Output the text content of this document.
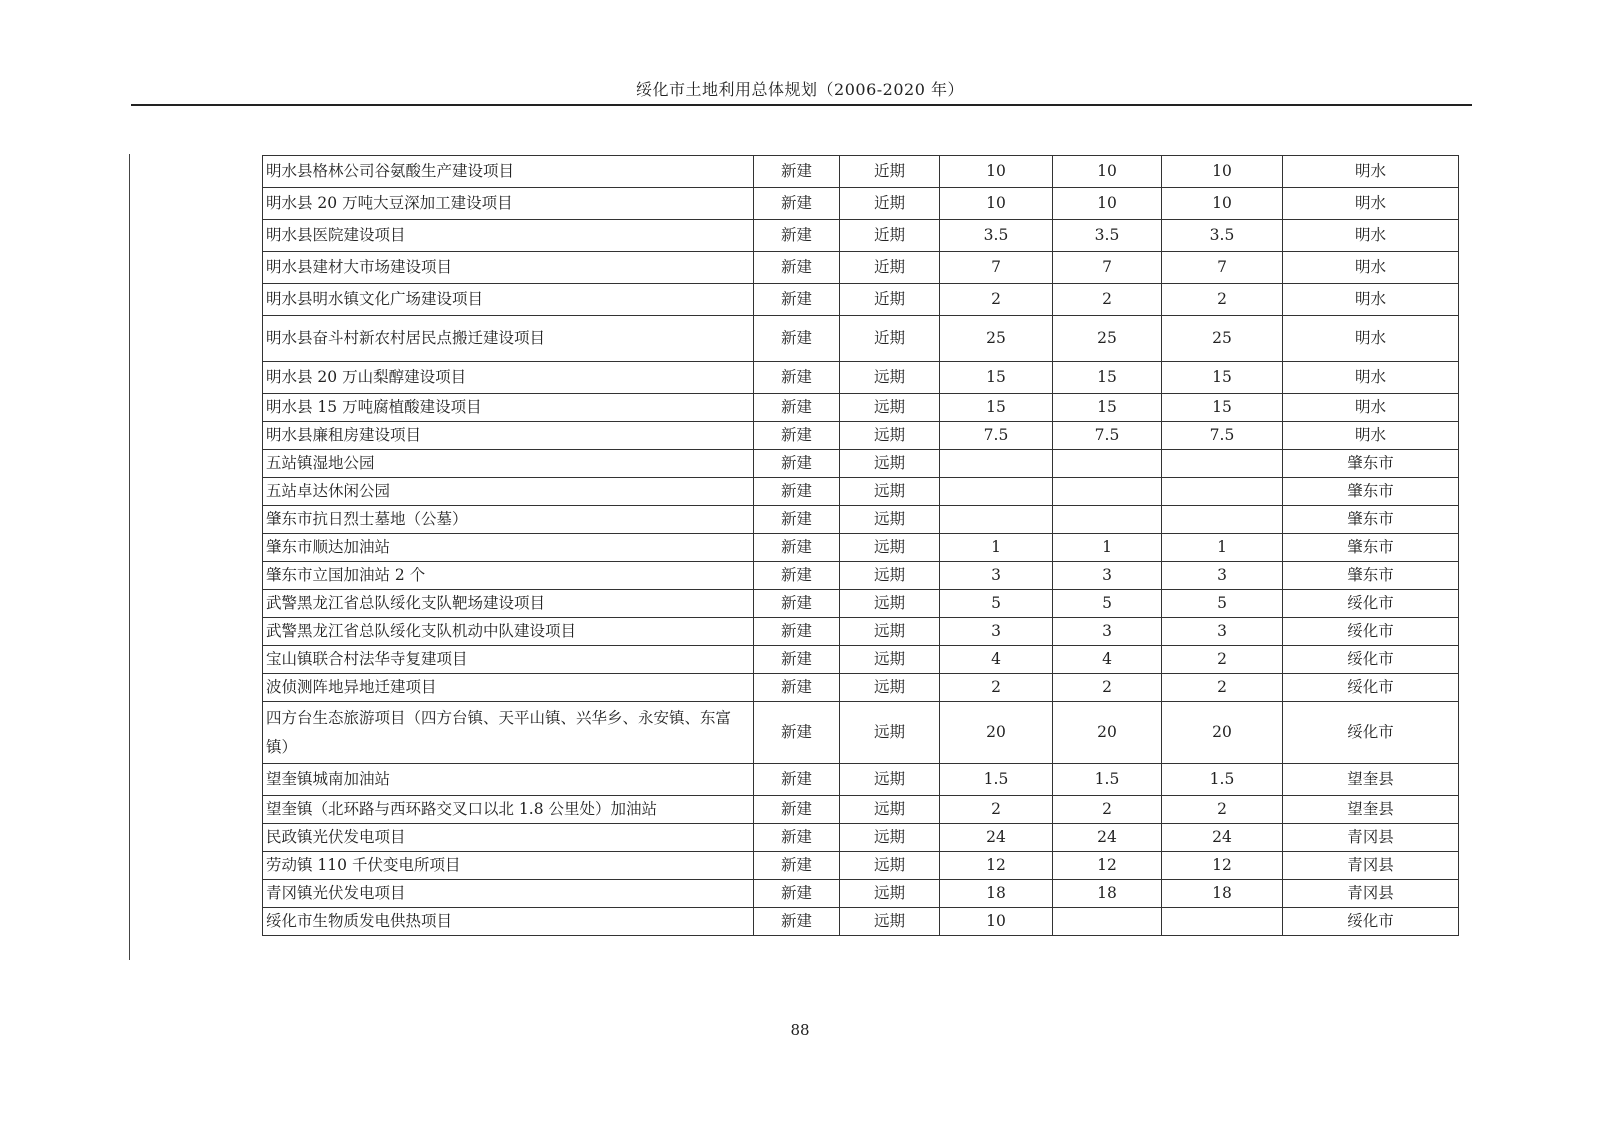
绥化市土地利用总体规划（2006-2020 年）
明水县格林公司谷氨酸生产建设项目	新建	近期	10	10	10	明水
明水县 20 万吨大豆深加工建设项目	新建	近期	10	10	10	明水
明水县医院建设项目	新建	近期	3.5	3.5	3.5	明水
明水县建材大市场建设项目	新建	近期	7	7	7	明水
明水县明水镇文化广场建设项目	新建	近期	2	2	2	明水
明水县奋斗村新农村居民点搬迁建设项目	新建	近期	25	25	25	明水
明水县 20 万山梨醇建设项目	新建	远期	15	15	15	明水
明水县 15 万吨腐植酸建设项目	新建	远期	15	15	15	明水
明水县廉租房建设项目	新建	远期	7.5	7.5	7.5	明水
五站镇湿地公园	新建	远期				肇东市
五站卓达休闲公园	新建	远期				肇东市
肇东市抗日烈士墓地（公墓）	新建	远期				肇东市
肇东市顺达加油站	新建	远期	1	1	1	肇东市
肇东市立国加油站 2 个	新建	远期	3	3	3	肇东市
武警黑龙江省总队绥化支队靶场建设项目	新建	远期	5	5	5	绥化市
武警黑龙江省总队绥化支队机动中队建设项目	新建	远期	3	3	3	绥化市
宝山镇联合村法华寺复建项目	新建	远期	4	4	2	绥化市
波侦测阵地异地迁建项目	新建	远期	2	2	2	绥化市
四方台生态旅游项目（四方台镇、天平山镇、兴华乡、永安镇、东富镇）	新建	远期	20	20	20	绥化市
望奎镇城南加油站	新建	远期	1.5	1.5	1.5	望奎县
望奎镇（北环路与西环路交叉口以北 1.8 公里处）加油站	新建	远期	2	2	2	望奎县
民政镇光伏发电项目	新建	远期	24	24	24	青冈县
劳动镇 110 千伏变电所项目	新建	远期	12	12	12	青冈县
青冈镇光伏发电项目	新建	远期	18	18	18	青冈县
绥化市生物质发电供热项目	新建	远期	10			绥化市
88
